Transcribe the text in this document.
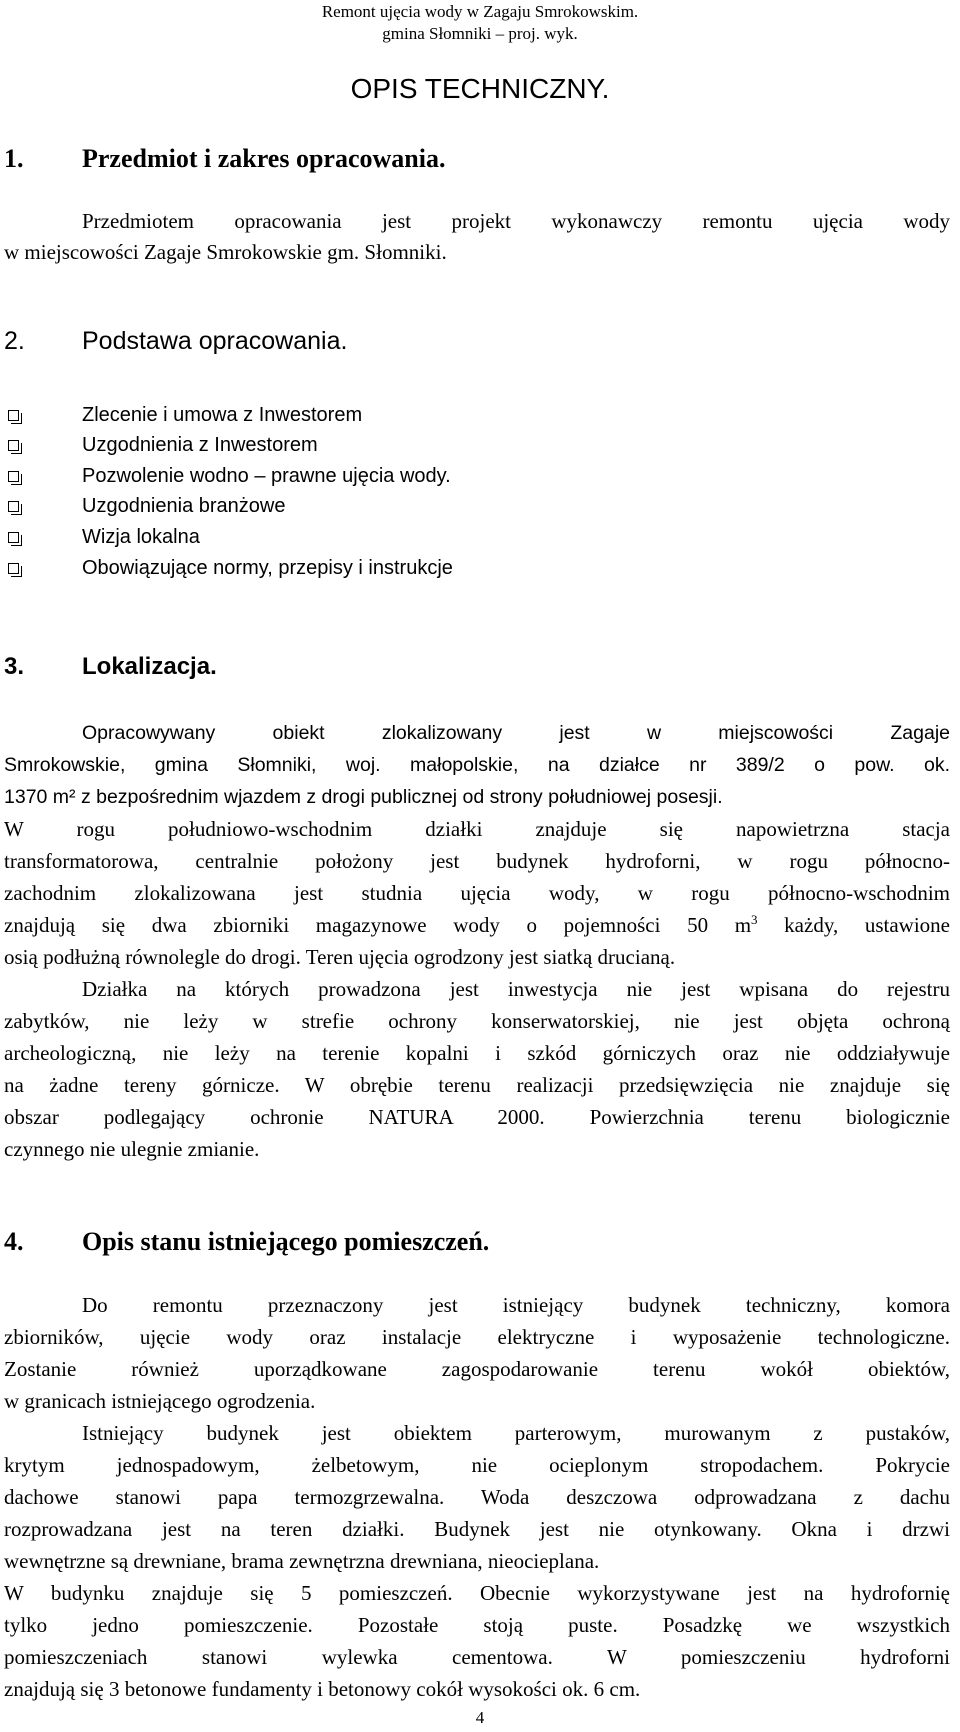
Remont ujęcia wody w Zagaju Smrokowskim.
gmina Słomniki – proj. wyk.
OPIS TECHNICZNY.
1. Przedmiot i zakres opracowania.
Przedmiotem opracowania jest projekt wykonawczy remontu ujęcia wody
w miejscowości Zagaje Smrokowskie gm. Słomniki.
2. Podstawa opracowania.
Zlecenie i umowa z Inwestorem
Uzgodnienia z Inwestorem
Pozwolenie wodno – prawne ujęcia wody.
Uzgodnienia branżowe
Wizja lokalna
Obowiązujące normy, przepisy i instrukcje
3. Lokalizacja.
Opracowywany obiekt zlokalizowany jest w miejscowości Zagaje
Smrokowskie, gmina Słomniki, woj. małopolskie, na działce nr 389/2 o pow. ok.
1370 m² z bezpośrednim wjazdem z drogi publicznej od strony południowej posesji.
W rogu południowo-wschodnim działki znajduje się napowietrzna stacja
transformatorowa, centralnie położony jest budynek hydroforni, w rogu północno-
zachodnim zlokalizowana jest studnia ujęcia wody, w rogu północno-wschodnim
znajdują się dwa zbiorniki magazynowe wody o pojemności 50 $m^3$ każdy, ustawione
osią podłużną równolegle do drogi. Teren ujęcia ogrodzony jest siatką drucianą.
Działka na których prowadzona jest inwestycja nie jest wpisana do rejestru
zabytków, nie leży w strefie ochrony konserwatorskiej, nie jest objęta ochroną
archeologiczną, nie leży na terenie kopalni i szkód górniczych oraz nie oddziaływuje
na żadne tereny górnicze. W obrębie terenu realizacji przedsięwzięcia nie znajduje się
obszar podlegający ochronie NATURA 2000. Powierzchnia terenu biologicznie
czynnego nie ulegnie zmianie.
4. Opis stanu istniejącego pomieszczeń.
Do remontu przeznaczony jest istniejący budynek techniczny, komora
zbiorników, ujęcie wody oraz instalacje elektryczne i wyposażenie technologiczne.
Zostanie również uporządkowane zagospodarowanie terenu wokół obiektów,
w granicach istniejącego ogrodzenia.
Istniejący budynek jest obiektem parterowym, murowanym z pustaków,
krytym jednospadowym, żelbetowym, nie ocieplonym stropodachem. Pokrycie
dachowe stanowi papa termozgrzewalna. Woda deszczowa odprowadzana z dachu
rozprowadzana jest na teren działki. Budynek jest nie otynkowany. Okna i drzwi
wewnętrzne są drewniane, brama zewnętrzna drewniana, nieocieplana.
W budynku znajduje się 5 pomieszczeń. Obecnie wykorzystywane jest na hydrofornię
tylko jedno pomieszczenie. Pozostałe stoją puste. Posadzkę we wszystkich
pomieszczeniach stanowi wylewka cementowa. W pomieszczeniu hydroforni
znajdują się 3 betonowe fundamenty i betonowy cokół wysokości ok. 6 cm.
4
